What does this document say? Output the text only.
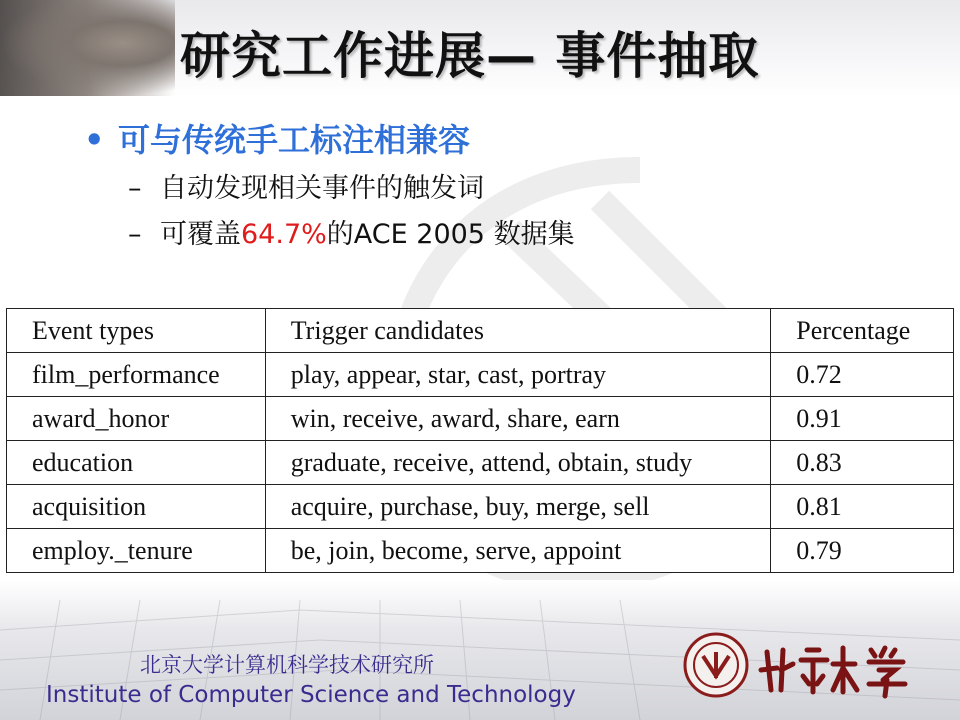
研究工作进展— 事件抽取
• 可与传统手工标注相兼容
– 自动发现相关事件的触发词
– 可覆盖64.7%的ACE 2005 数据集
Event types	Trigger candidates	Percentage
film_performance	play, appear, star, cast, portray	0.72
award_honor	win, receive, award, share, earn	0.91
education	graduate, receive, attend, obtain, study	0.83
acquisition	acquire, purchase, buy, merge, sell	0.81
employ._tenure	be, join, become, serve, appoint	0.79
北京大学计算机科学技术研究所
Institute of Computer Science and Technology
